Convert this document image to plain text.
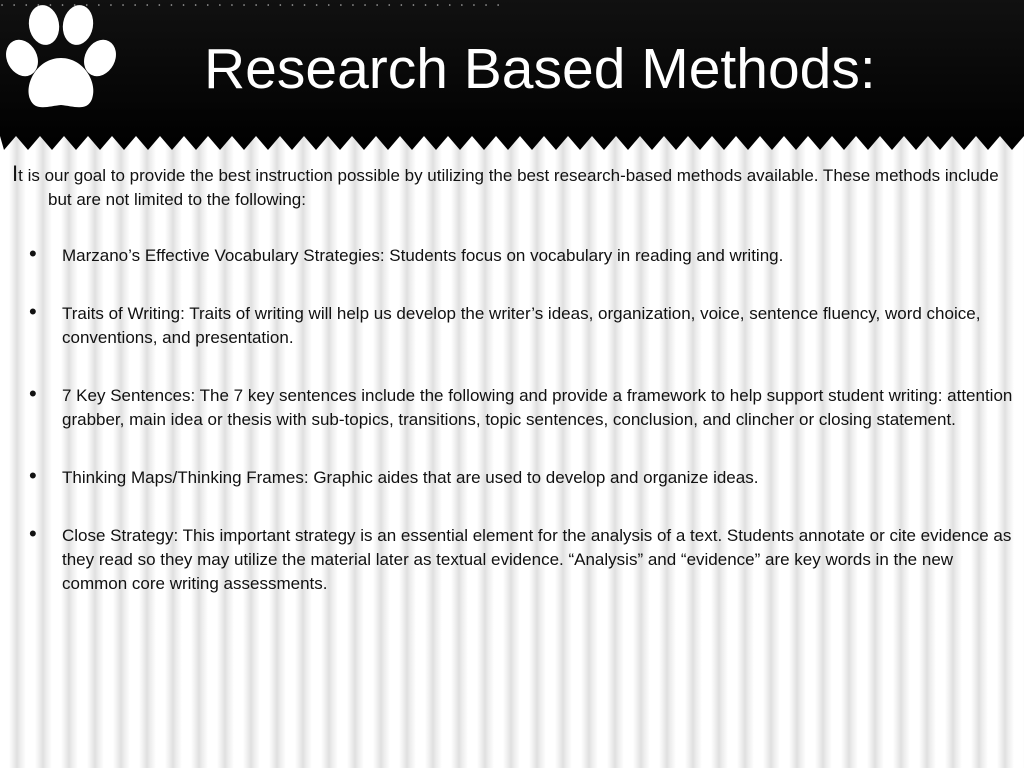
Research Based Methods:

It is our goal to provide the best instruction possible by utilizing the best research-based methods available. These methods include but are not limited to the following:

• Marzano’s Effective Vocabulary Strategies: Students focus on vocabulary in reading and writing.
• Traits of Writing: Traits of writing will help us develop the writer’s ideas, organization, voice, sentence fluency, word choice, conventions, and presentation.
• 7 Key Sentences: The 7 key sentences include the following and provide a framework to help support student writing: attention grabber, main idea or thesis with sub-topics, transitions, topic sentences, conclusion, and clincher or closing statement.
• Thinking Maps/Thinking Frames: Graphic aides that are used to develop and organize ideas.
• Close Strategy: This important strategy is an essential element for the analysis of a text. Students annotate or cite evidence as they read so they may utilize the material later as textual evidence. “Analysis” and “evidence” are key words in the new common core writing assessments.
